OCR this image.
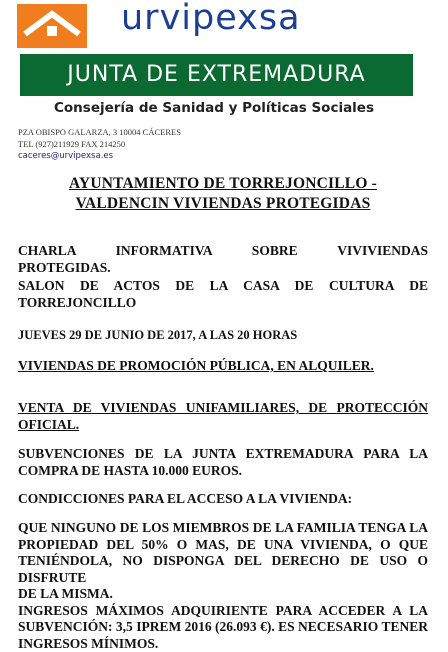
urvipexsa
JUNTA DE EXTREMADURA
Consejería de Sanidad y Políticas Sociales
PZA OBISPO GALARZA, 3 10004 CÁCERES
TEL (927)211929 FAX 214250
caceres@urvipexsa.es
AYUNTAMIENTO DE TORREJONCILLO -
VALDENCIN VIVIENDAS PROTEGIDAS
CHARLA INFORMATIVA SOBRE VIVIVIENDAS
PROTEGIDAS.
SALON DE ACTOS DE LA CASA DE CULTURA DE
TORREJONCILLO
JUEVES 29 DE JUNIO DE 2017, A LAS 20 HORAS
VIVIENDAS DE PROMOCIÓN PÚBLICA, EN ALQUILER.
VENTA DE VIVIENDAS UNIFAMILIARES, DE PROTECCIÓN
OFICIAL.
SUBVENCIONES DE LA JUNTA EXTREMADURA PARA LA
COMPRA DE HASTA 10.000 EUROS.
CONDICCIONES PARA EL ACCESO A LA VIVIENDA:
QUE NINGUNO DE LOS MIEMBROS DE LA FAMILIA TENGA LA
PROPIEDAD DEL 50% O MAS, DE UNA VIVIENDA, O QUE
TENIÉNDOLA, NO DISPONGA DEL DERECHO DE USO O DISFRUTE
DE LA MISMA.
INGRESOS MÁXIMOS ADQUIRIENTE PARA ACCEDER A LA
SUBVENCIÓN: 3,5 IPREM 2016 (26.093 €). ES NECESARIO TENER
INGRESOS MÍNIMOS.
